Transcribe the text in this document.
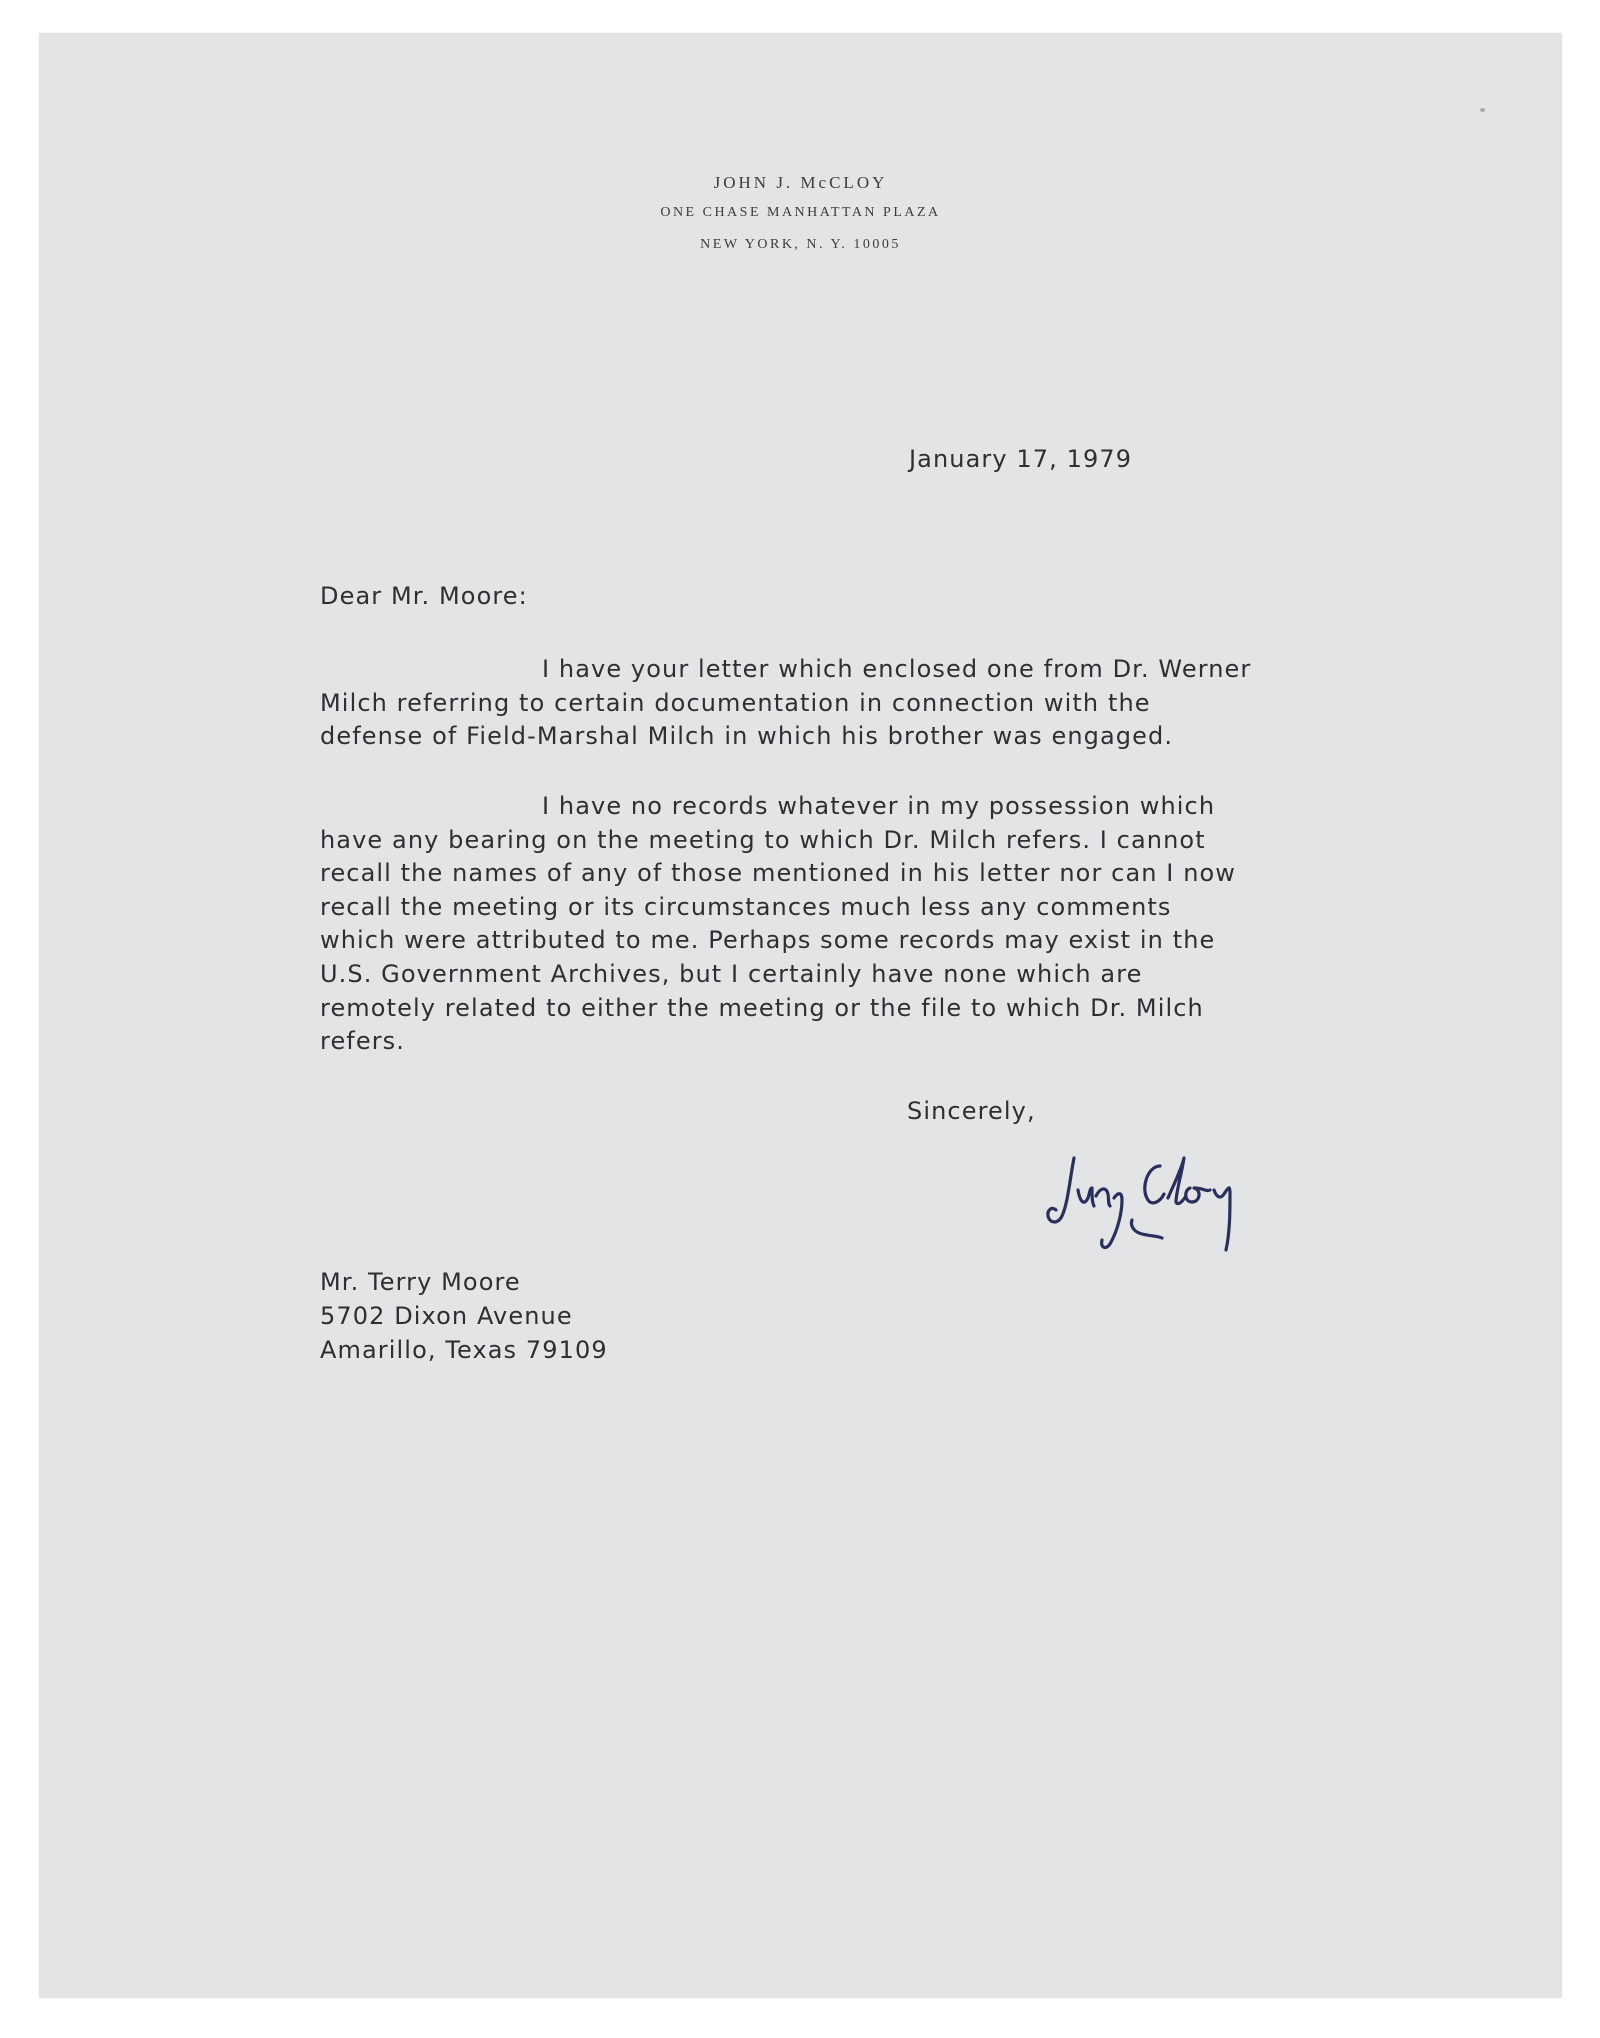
JOHN J. McCLOY
ONE CHASE MANHATTAN PLAZA
NEW YORK, N. Y. 10005
January 17, 1979
Dear Mr. Moore:
I have your letter which enclosed one from Dr. Werner
Milch referring to certain documentation in connection with the
defense of Field-Marshal Milch in which his brother was engaged.
I have no records whatever in my possession which
have any bearing on the meeting to which Dr. Milch refers. I cannot
recall the names of any of those mentioned in his letter nor can I now
recall the meeting or its circumstances much less any comments
which were attributed to me. Perhaps some records may exist in the
U.S. Government Archives, but I certainly have none which are
remotely related to either the meeting or the file to which Dr. Milch
refers.
Sincerely,
Mr. Terry Moore
5702 Dixon Avenue
Amarillo, Texas 79109
